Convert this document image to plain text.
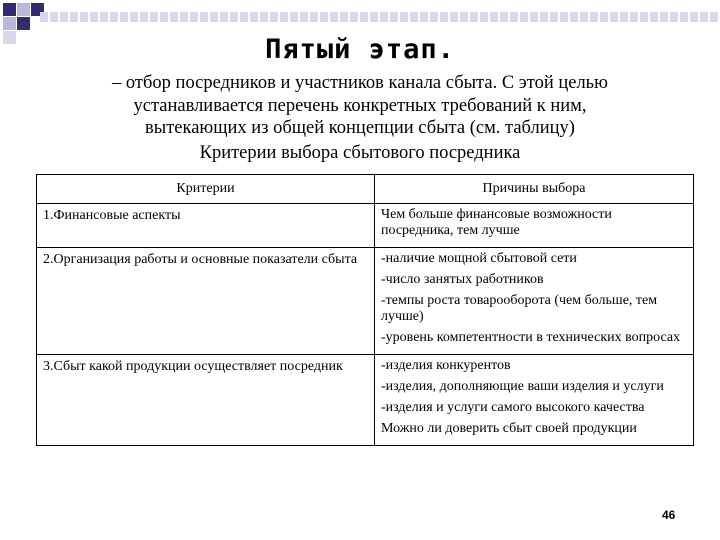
Пятый этап.
– отбор посредников и участников канала сбыта. С этой целью
устанавливается перечень конкретных требований к ним,
вытекающих из общей концепции сбыта (см. таблицу)
Критерии выбора сбытового посредника
Критерии	Причины выбора

1.Финансовые аспекты	Чем больше финансовые возможности посредника, тем лучше

2.Организация работы и основные показатели сбыта	-наличие мощной сбытовой сети
-число занятых работников
-темпы роста товарооборота (чем больше, тем лучше)
-уровень компетентности в технических вопросах

3.Сбыт какой продукции осуществляет посредник	-изделия конкурентов
-изделия, дополняющие ваши изделия и услуги
-изделия и услуги самого высокого качества
Можно ли доверить сбыт своей продукции
46
